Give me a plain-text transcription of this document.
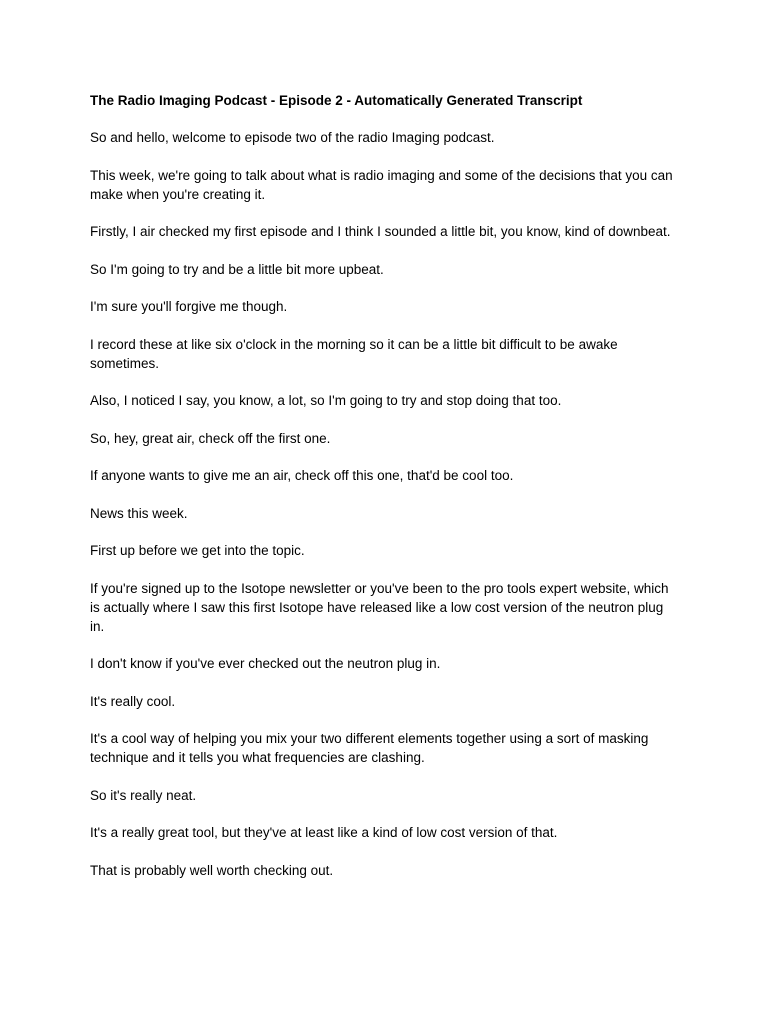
The Radio Imaging Podcast - Episode 2 - Automatically Generated Transcript

So and hello, welcome to episode two of the radio Imaging podcast.

This week, we're going to talk about what is radio imaging and some of the decisions that you can make when you're creating it.

Firstly, I air checked my first episode and I think I sounded a little bit, you know, kind of downbeat.

So I'm going to try and be a little bit more upbeat.

I'm sure you'll forgive me though.

I record these at like six o'clock in the morning so it can be a little bit difficult to be awake sometimes.

Also, I noticed I say, you know, a lot, so I'm going to try and stop doing that too.

So, hey, great air, check off the first one.

If anyone wants to give me an air, check off this one, that'd be cool too.

News this week.

First up before we get into the topic.

If you're signed up to the Isotope newsletter or you've been to the pro tools expert website, which is actually where I saw this first Isotope have released like a low cost version of the neutron plug in.

I don't know if you've ever checked out the neutron plug in.

It's really cool.

It's a cool way of helping you mix your two different elements together using a sort of masking technique and it tells you what frequencies are clashing.

So it's really neat.

It's a really great tool, but they've at least like a kind of low cost version of that.

That is probably well worth checking out.
